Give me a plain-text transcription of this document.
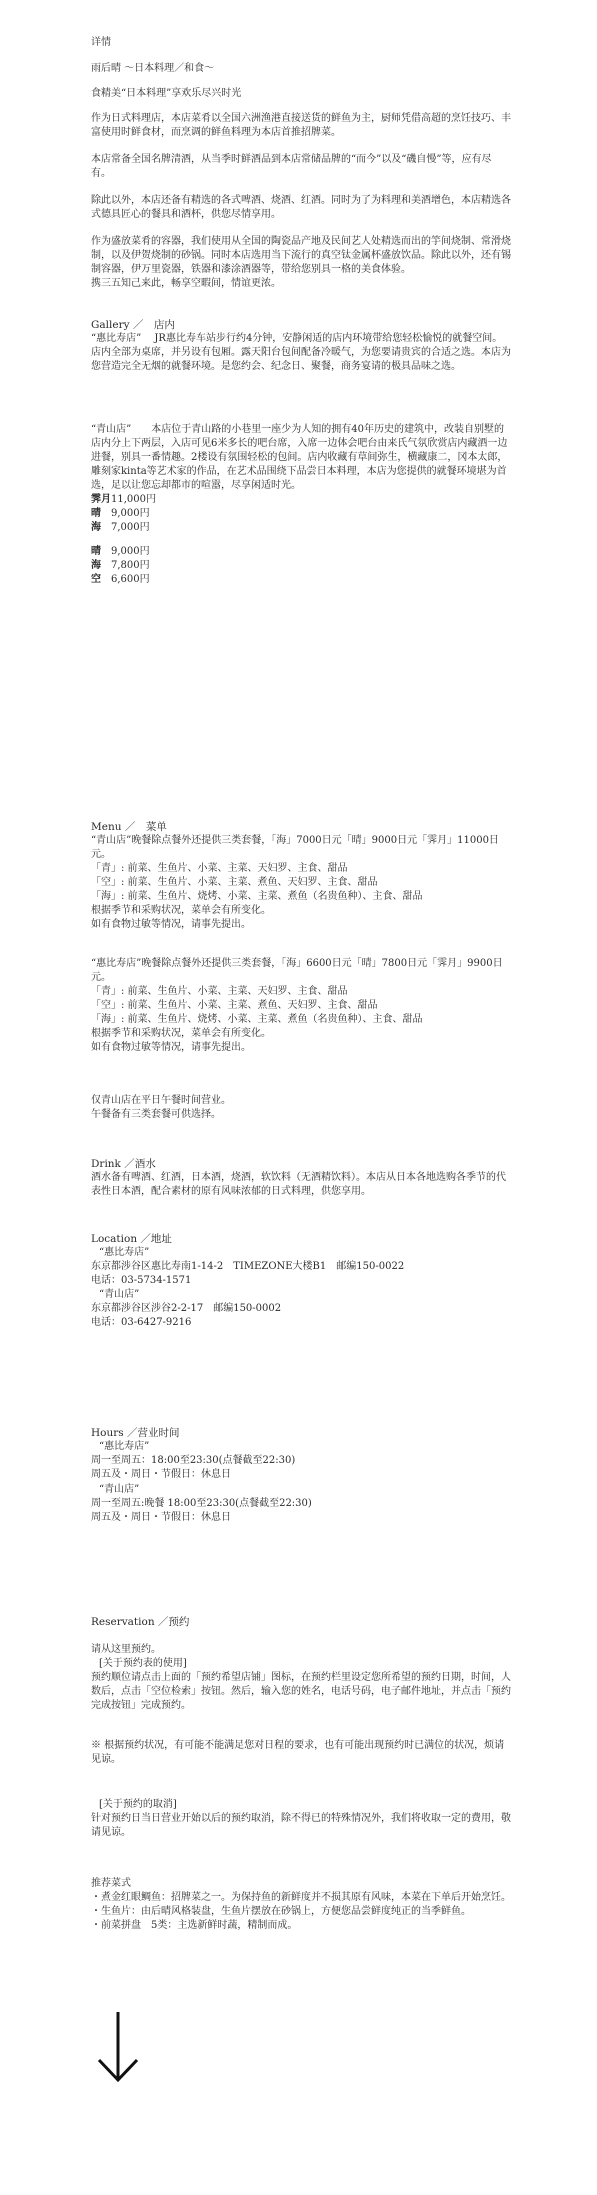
详情

雨后晴 〜日本料理／和食〜

食精美“日本料理”享欢乐尽兴时光

作为日式料理店，本店菜肴以全国六洲渔港直接送货的鲜鱼为主，厨师凭借高超的烹饪技巧、丰富使用时鲜食材，而烹调的鲜鱼料理为本店首推招牌菜。

本店常备全国名牌清酒，从当季时鲜酒品到本店常储品牌的“而今”以及“磯自慢”等，应有尽有。

除此以外，本店还备有精选的各式啤酒、烧酒、红酒。同时为了为料理和美酒增色，本店精选各式德具匠心的餐具和酒杯，供您尽情享用。

作为盛放菜肴的容器，我们使用从全国的陶瓷品产地及民间艺人处精选而出的竽间烧制、常滑烧制，以及伊贺烧制的砂锅。同时本店选用当下流行的真空钛金属杯盛放饮品。除此以外，还有锡制容器，伊万里瓷器，铁器和漆涂酒器等，带给您别具一格的美食体验。

携三五知己来此，畅享空暇间，情谊更浓。

Gallery ／　店内

“惠比寿店”　 JR惠比寿车站步行约4分钟，安静闲适的店内环境带给您轻松愉悦的就餐空间。店内全部为桌席，并另设有包厢。露天阳台包间配备冷暖气，为您要请贵宾的合适之选。本店为您营造完全无烟的就餐环境。是您约会、纪念日、聚餐，商务宴请的极具品味之选。

“青山店”　　本店位于青山路的小巷里一座少为人知的拥有40年历史的建筑中，改装自别墅的店内分上下两层，入店可见6米多长的吧台席，入席一边体会吧台由来氏气氛欣赏店内藏酒一边进餐，别具一番情趣。2楼设有氛围轻松的包间。店内收藏有草间弥生，横藏康二，冈本太郎，雕刻家kinta等艺术家的作品，在艺术品围绕下品尝日本料理，本店为您提供的就餐环境堪为首选，足以让您忘却都市的喧嚣，尽享闲适时光。

霁月 11,000円
晴	9,000円
海	7,000円
晴	9,000円
海	7,800円
空	6,600円

Menu ／　菜单

“青山店”晚餐除点餐外还提供三类套餐，「海」7000日元「晴」9000日元「霁月」11000日元。

「青」: 前菜、生鱼片、小菜、主菜、天妇罗、主食、甜品

「空」: 前菜、生鱼片、小菜、主菜、煮鱼、天妇罗、主食、甜品

「海」: 前菜、生鱼片、烧烤、小菜、主菜、煮鱼（名贵鱼种）、主食、甜品

根据季节和采购状况，菜单会有所变化。

如有食物过敏等情况，请事先提出。

“惠比寿店”晚餐除点餐外还提供三类套餐，「海」6600日元「晴」7800日元「霁月」9900日元。

「青」: 前菜、生鱼片、小菜、主菜、天妇罗、主食、甜品

「空」: 前菜、生鱼片、小菜、主菜、煮鱼、天妇罗、主食、甜品

「海」: 前菜、生鱼片、烧烤、小菜、主菜、煮鱼（名贵鱼种）、主食、甜品

根据季节和采购状况，菜单会有所变化。

如有食物过敏等情况，请事先提出。

仅青山店在平日午餐时间营业。

午餐备有三类套餐可供选择。

Drink ／酒水

酒水备有啤酒、红酒，日本酒，烧酒，软饮料（无酒精饮料）。本店从日本各地选购各季节的代表性日本酒，配合素材的原有风味浓郁的日式料理，供您享用。

Location ／地址

“惠比寿店”

东京都涉谷区惠比寿南1-14-2　TIMEZONE大楼B1　邮编150-0022

电话：03-5734-1571

“青山店”

东京都涉谷区涉谷2-2-17　邮编150-0002

电话：03-6427-9216

Hours ／营业时间

“惠比寿店”

周一至周五：18:00至23:30(点餐截至22:30)

周五及・周日・节假日：休息日

“青山店”

周一至周五:晚餐 18:00至23:30(点餐截至22:30)

周五及・周日・节假日：休息日

Reservation ／预约

请从这里预约。

[关于预约表的使用]

预约顺位请点击上面的「预约希望店铺」图标，在预约栏里设定您所希望的预约日期，时间，人数后，点击「空位检索」按钮。然后，输入您的姓名，电话号码，电子邮件地址，并点击「预约完成按钮」完成预约。

※ 根据预约状况，有可能不能满足您对日程的要求，也有可能出现预约时已满位的状况，烦请见谅。

[关于预约的取消]

针对预约日当日营业开始以后的预约取消，除不得已的特殊情况外，我们将收取一定的费用，敬请见谅。

推荐菜式

・煮金红眼鲷鱼：招牌菜之一。为保持鱼的新鲜度并不损其原有风味，本菜在下单后开始烹饪。

・生鱼片：由后晴风格装盘，生鱼片摆放在砂锅上，方便您品尝鲜度纯正的当季鲜鱼。

・前菜拼盘　5类：主选新鲜时蔬，精制而成。
